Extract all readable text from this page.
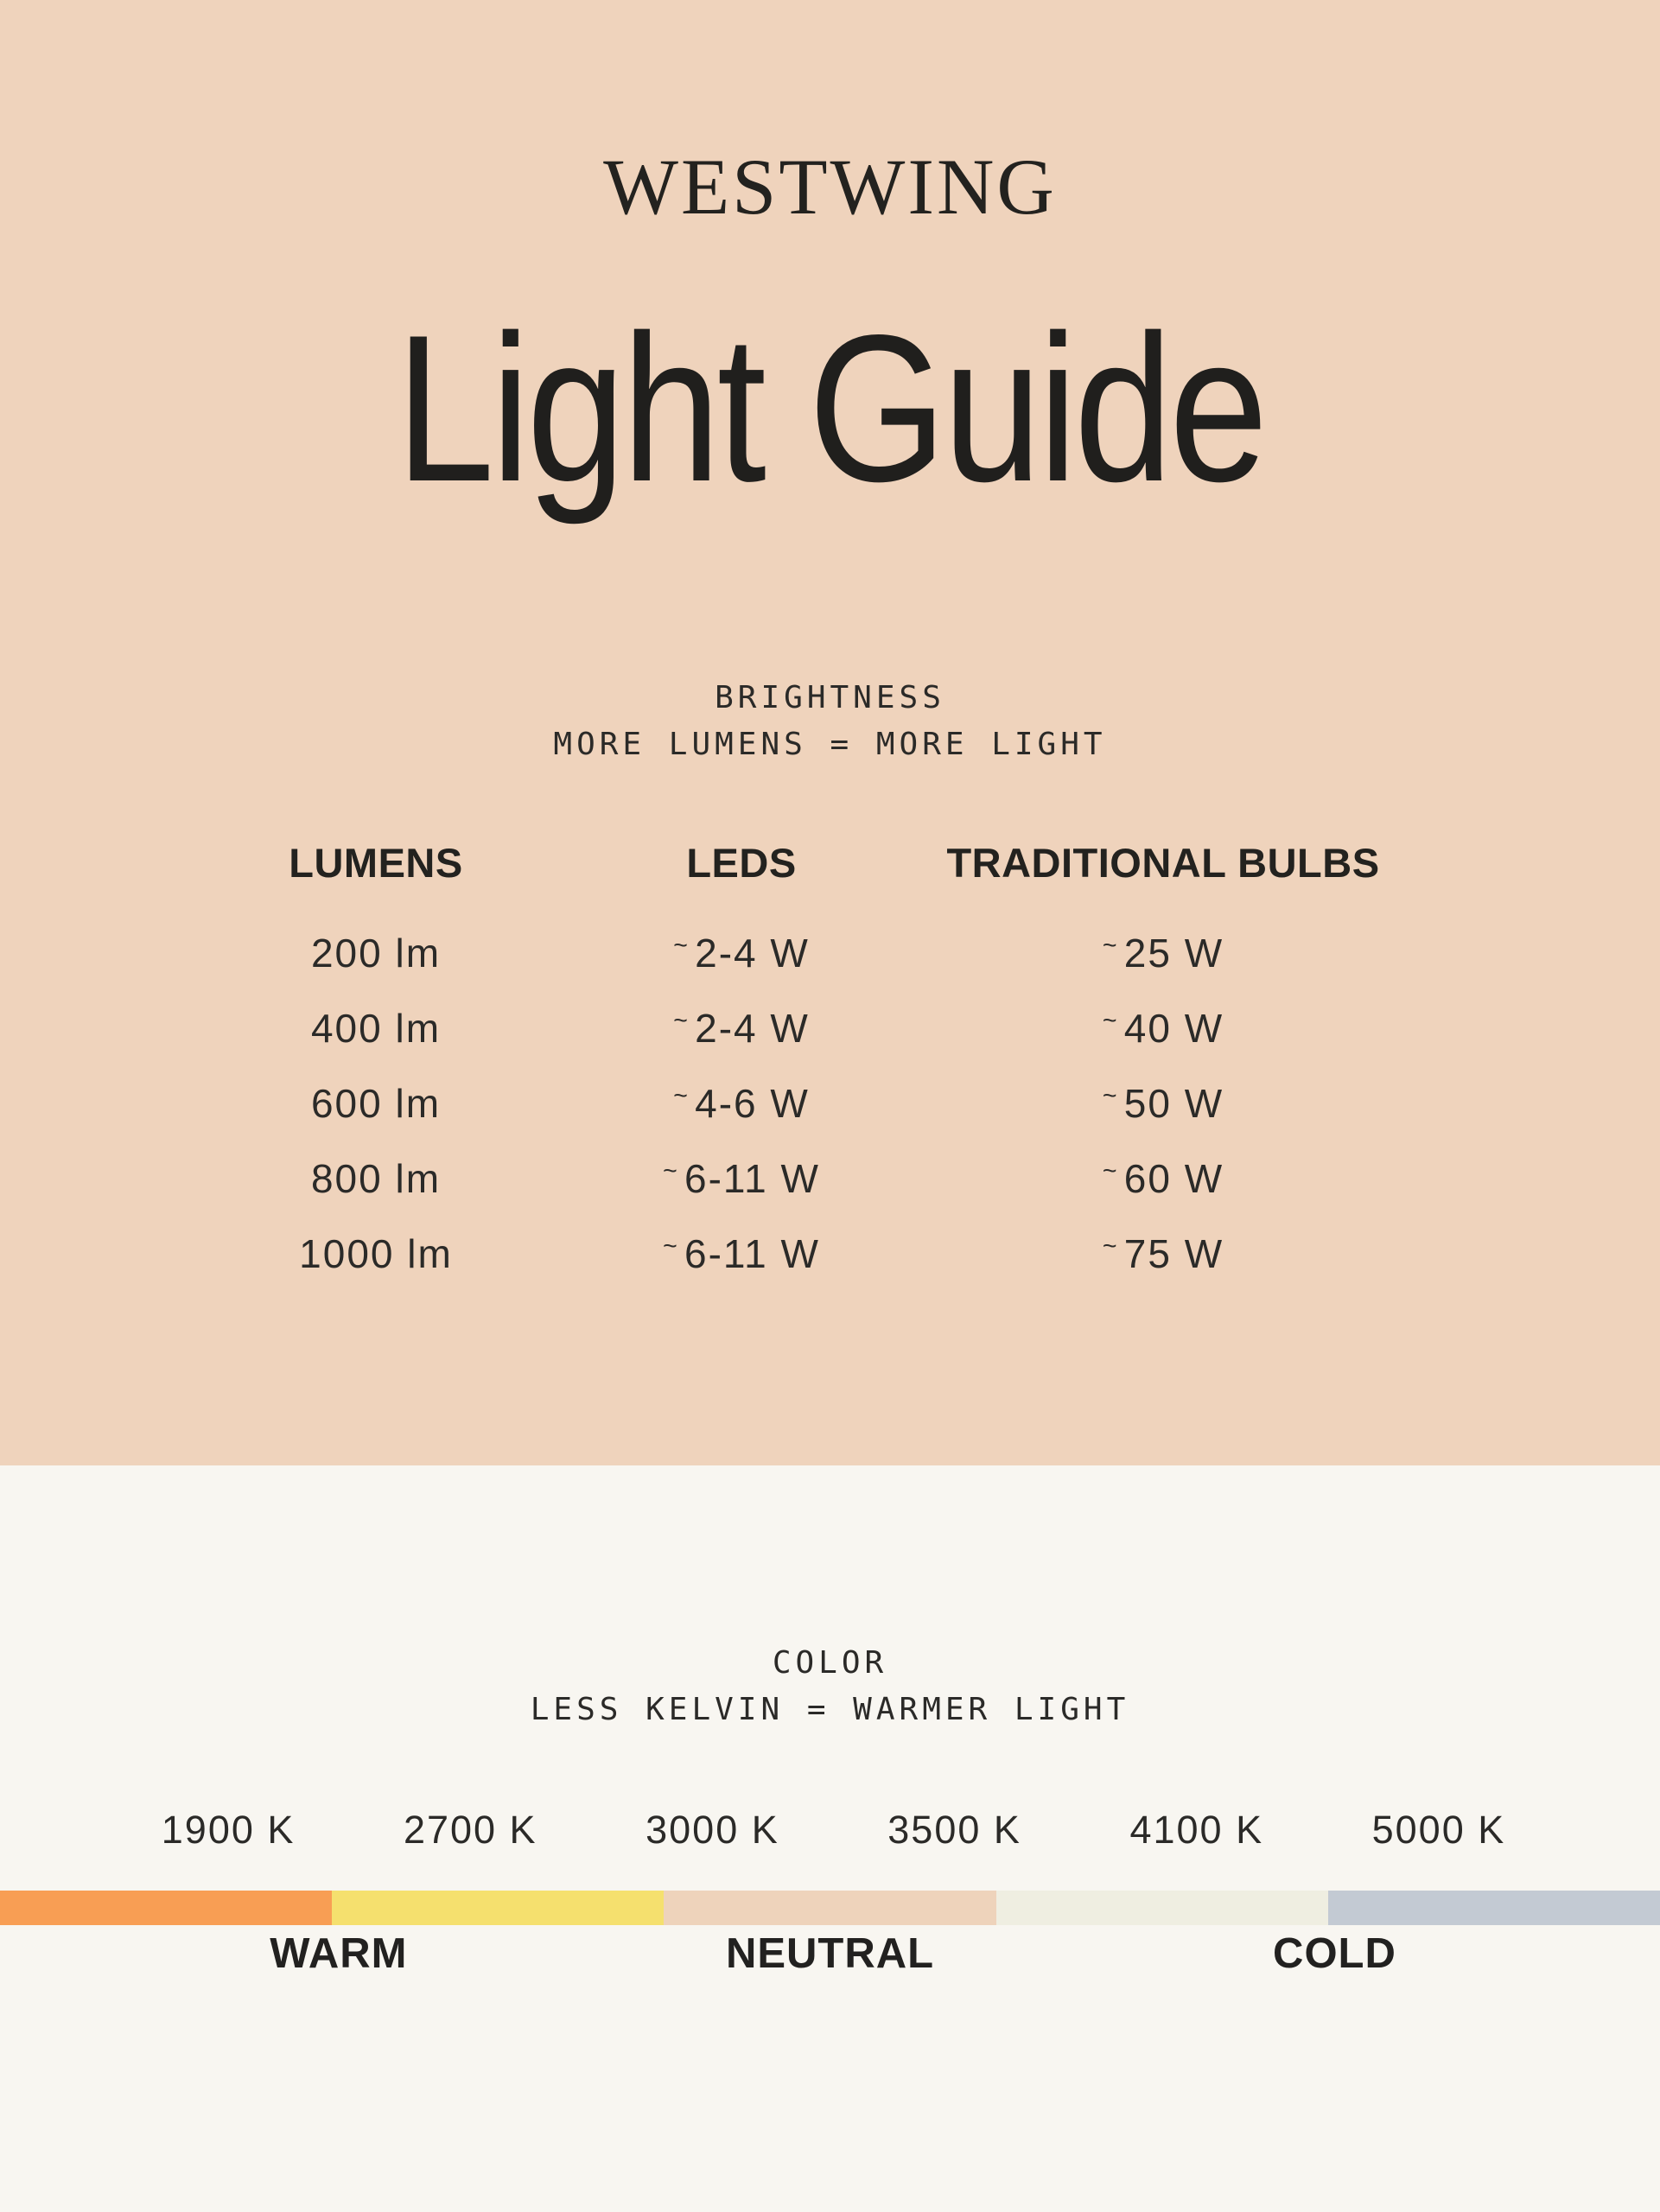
WESTWING
Light Guide
BRIGHTNESS
MORE LUMENS = MORE LIGHT
LUMENS	LEDS	TRADITIONAL BULBS
200 lm	~ 2-4 W	~ 25 W
400 lm	~ 2-4 W	~ 40 W
600 lm	~ 4-6 W	~ 50 W
800 lm	~ 6-11 W	~ 60 W
1000 lm	~ 6-11 W	~ 75 W
COLOR
LESS KELVIN = WARMER LIGHT
1900 K	2700 K	3000 K	3500 K	4100 K	5000 K
WARM	NEUTRAL	COLD
